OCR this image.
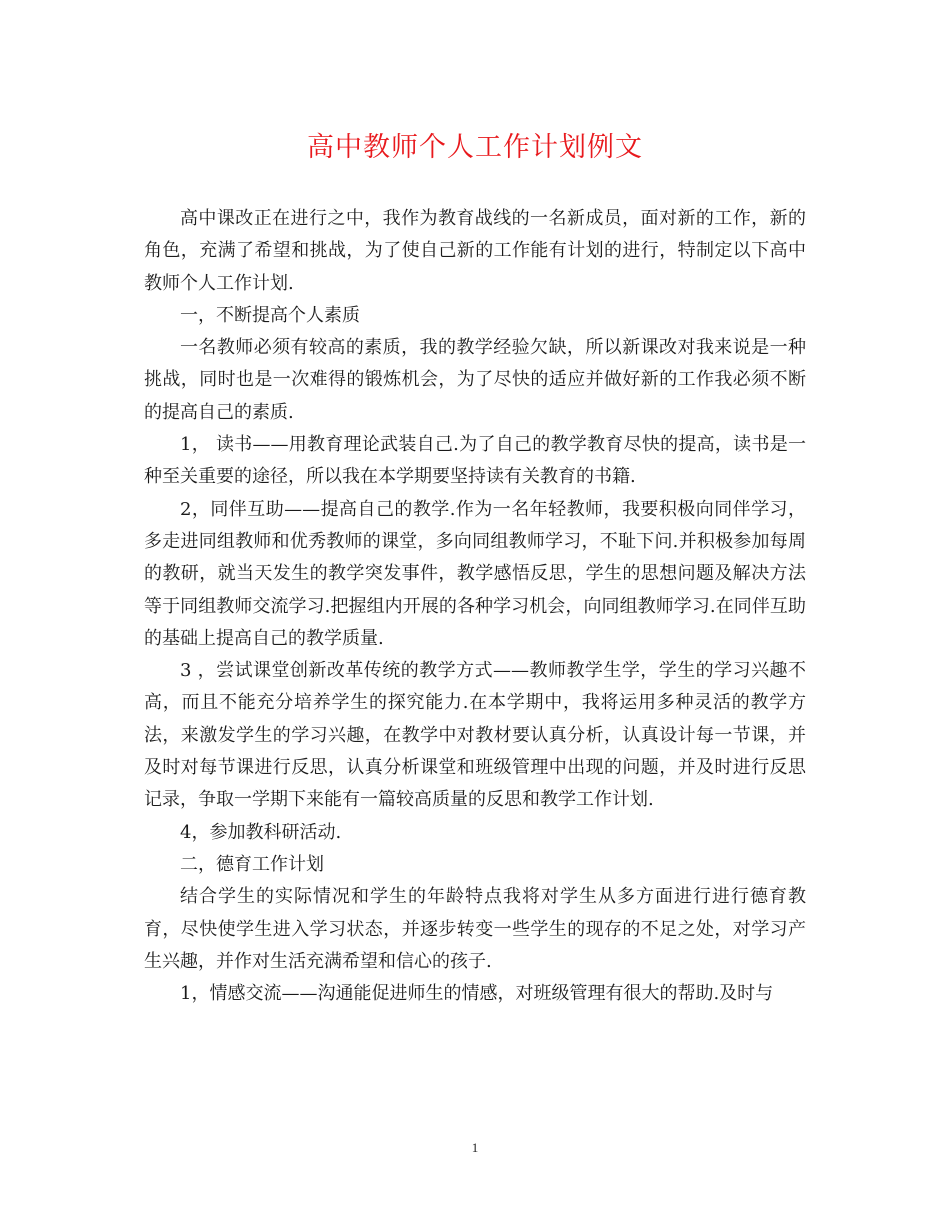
高中教师个人工作计划例文

高中课改正在进行之中，我作为教育战线的一名新成员，面对新的工作，新的角色，充满了希望和挑战，为了使自己新的工作能有计划的进行，特制定以下高中教师个人工作计划.

一，不断提高个人素质

一名教师必须有较高的素质，我的教学经验欠缺，所以新课改对我来说是一种挑战，同时也是一次难得的锻炼机会，为了尽快的适应并做好新的工作我必须不断的提高自己的素质.

1， 读书——用教育理论武装自己.为了自己的教学教育尽快的提高，读书是一种至关重要的途径，所以我在本学期要坚持读有关教育的书籍.

2，同伴互助——提高自己的教学.作为一名年轻教师，我要积极向同伴学习，多走进同组教师和优秀教师的课堂，多向同组教师学习，不耻下问.并积极参加每周的教研，就当天发生的教学突发事件，教学感悟反思，学生的思想问题及解决方法等于同组教师交流学习.把握组内开展的各种学习机会，向同组教师学习.在同伴互助的基础上提高自己的教学质量.

3 ，尝试课堂创新改革传统的教学方式——教师教学生学，学生的学习兴趣不高，而且不能充分培养学生的探究能力.在本学期中，我将运用多种灵活的教学方法，来激发学生的学习兴趣，在教学中对教材要认真分析，认真设计每一节课，并及时对每节课进行反思，认真分析课堂和班级管理中出现的问题，并及时进行反思记录，争取一学期下来能有一篇较高质量的反思和教学工作计划.

4，参加教科研活动.

二，德育工作计划

结合学生的实际情况和学生的年龄特点我将对学生从多方面进行进行德育教育，尽快使学生进入学习状态，并逐步转变一些学生的现存的不足之处，对学习产生兴趣，并作对生活充满希望和信心的孩子.

1，情感交流——沟通能促进师生的情感，对班级管理有很大的帮助.及时与

1
